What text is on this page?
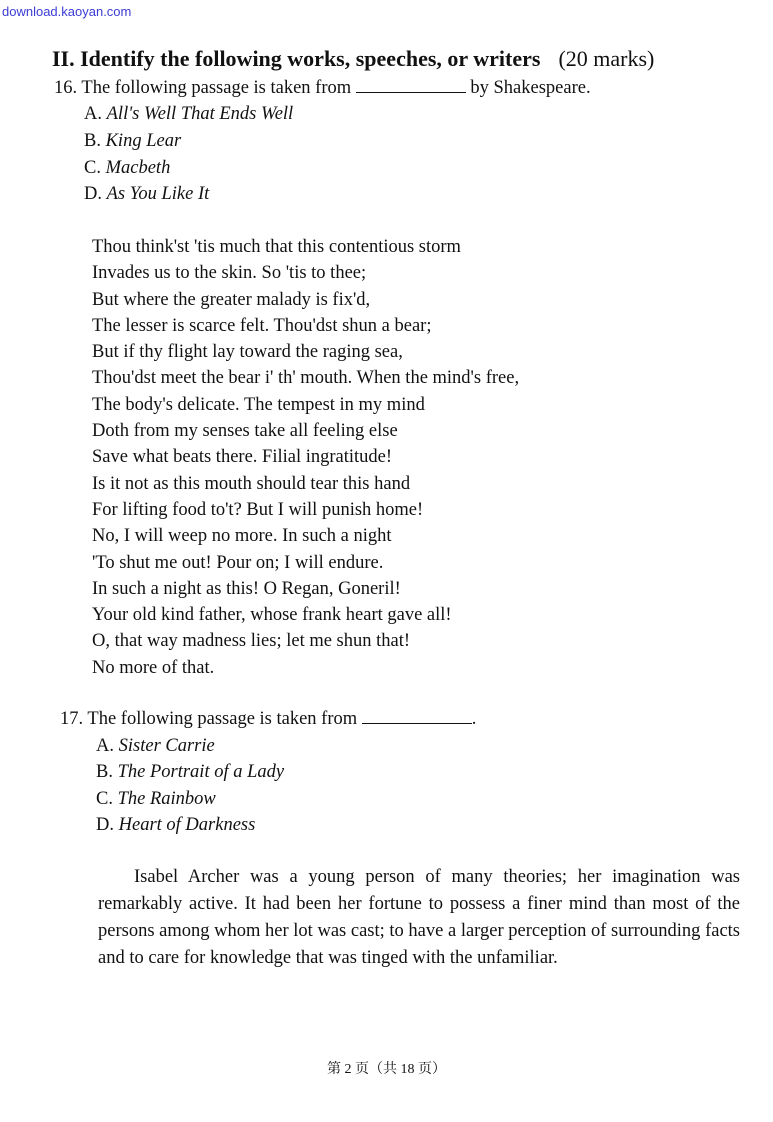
download.kaoyan.com
II. Identify the following works, speeches, or writers (20 marks)
16. The following passage is taken from	by Shakespeare.
A. All's Well That Ends Well
B. King Lear
C. Macbeth
D. As You Like It
Thou think'st 'tis much that this contentious storm
Invades us to the skin. So 'tis to thee;
But where the greater malady is fix'd,
The lesser is scarce felt. Thou'dst shun a bear;
But if thy flight lay toward the raging sea,
Thou'dst meet the bear i' th' mouth. When the mind's free,
The body's delicate. The tempest in my mind
Doth from my senses take all feeling else
Save what beats there. Filial ingratitude!
Is it not as this mouth should tear this hand
For lifting food to't? But I will punish home!
No, I will weep no more. In such a night
'To shut me out! Pour on; I will endure.
In such a night as this! O Regan, Goneril!
Your old kind father, whose frank heart gave all!
O, that way madness lies; let me shun that!
No more of that.
17. The following passage is taken from	.
A. Sister Carrie
B. The Portrait of a Lady
C. The Rainbow
D. Heart of Darkness
Isabel Archer was a young person of many theories; her imagination was remarkably active. It had been her fortune to possess a finer mind than most of the persons among whom her lot was cast; to have a larger perception of surrounding facts and to care for knowledge that was tinged with the unfamiliar.
第 2 页（共 18 页）
